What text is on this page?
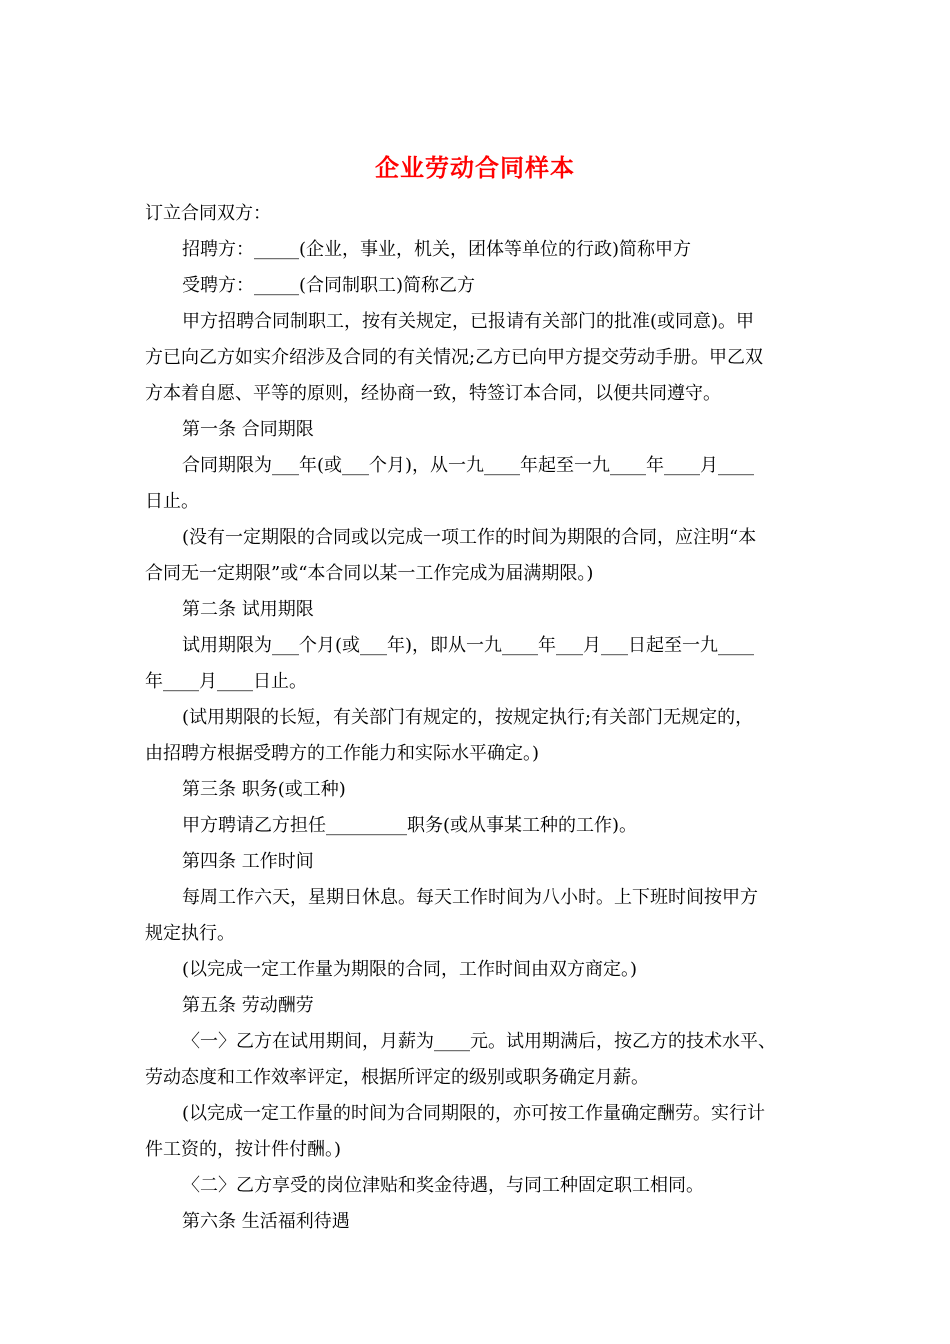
企业劳动合同样本
订立合同双方：
招聘方：_____(企业，事业，机关，团体等单位的行政)简称甲方
受聘方：_____(合同制职工)简称乙方
甲方招聘合同制职工，按有关规定，已报请有关部门的批准(或同意)。甲
方已向乙方如实介绍涉及合同的有关情况;乙方已向甲方提交劳动手册。甲乙双
方本着自愿、平等的原则，经协商一致，特签订本合同，以便共同遵守。
第一条 合同期限
合同期限为___年(或___个月)，从一九____年起至一九____年____月____
日止。
(没有一定期限的合同或以完成一项工作的时间为期限的合同，应注明“本
合同无一定期限”或“本合同以某一工作完成为届满期限。)
第二条 试用期限
试用期限为___个月(或___年)，即从一九____年___月___日起至一九____
年____月____日止。
(试用期限的长短，有关部门有规定的，按规定执行;有关部门无规定的，
由招聘方根据受聘方的工作能力和实际水平确定。)
第三条 职务(或工种)
甲方聘请乙方担任_________职务(或从事某工种的工作)。
第四条 工作时间
每周工作六天，星期日休息。每天工作时间为八小时。上下班时间按甲方
规定执行。
(以完成一定工作量为期限的合同，工作时间由双方商定。)
第五条 劳动酬劳
〈一〉乙方在试用期间，月薪为____元。试用期满后，按乙方的技术水平、
劳动态度和工作效率评定，根据所评定的级别或职务确定月薪。
(以完成一定工作量的时间为合同期限的，亦可按工作量确定酬劳。实行计
件工资的，按计件付酬。)
〈二〉乙方享受的岗位津贴和奖金待遇，与同工种固定职工相同。
第六条 生活福利待遇
